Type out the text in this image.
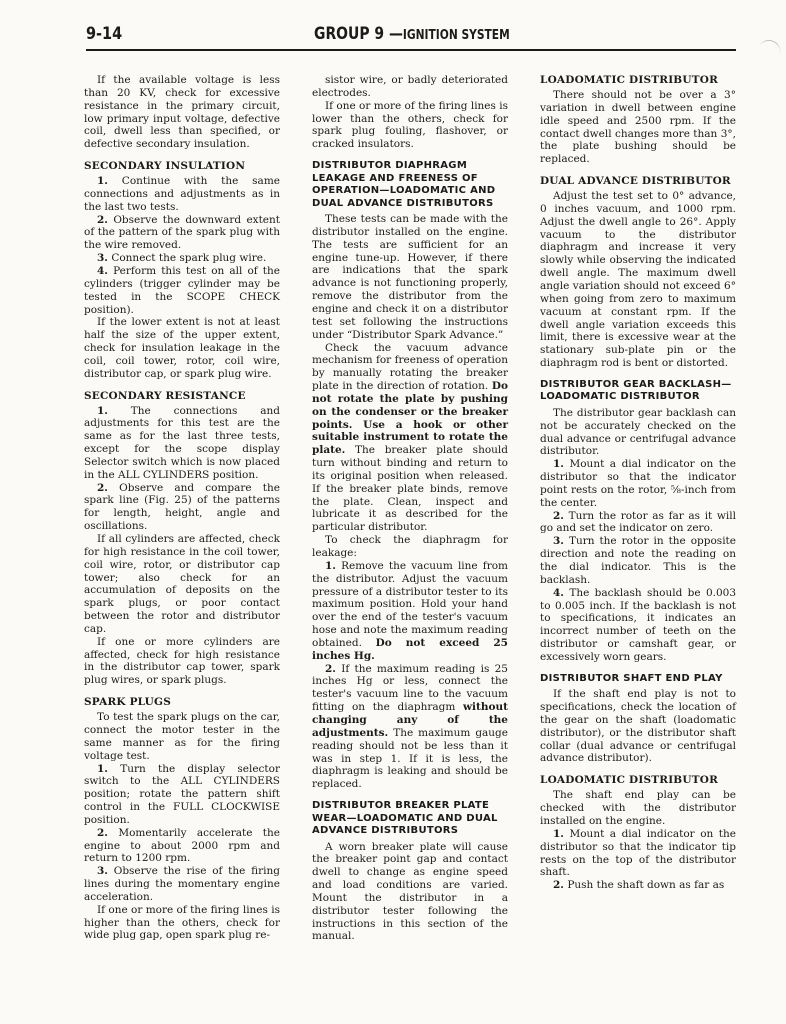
9-14	GROUP 9 —IGNITION SYSTEM

If the available voltage is less than 20 KV, check for excessive resistance in the primary circuit, low primary input voltage, defective coil, dwell less than specified, or defective secondary insulation.

SECONDARY INSULATION

1. Continue with the same connections and adjustments as in the last two tests.

2. Observe the downward extent of the pattern of the spark plug with the wire removed.

3. Connect the spark plug wire.

4. Perform this test on all of the cylinders (trigger cylinder may be tested in the SCOPE CHECK position).

If the lower extent is not at least half the size of the upper extent, check for insulation leakage in the coil, coil tower, rotor, coil wire, distributor cap, or spark plug wire.

SECONDARY RESISTANCE

1. The connections and adjustments for this test are the same as for the last three tests, except for the scope display Selector switch which is now placed in the ALL CYLINDERS position.

2. Observe and compare the spark line (Fig. 25) of the patterns for length, height, angle and oscillations.

If all cylinders are affected, check for high resistance in the coil tower, coil wire, rotor, or distributor cap tower; also check for an accumulation of deposits on the spark plugs, or poor contact between the rotor and distributor cap.

If one or more cylinders are affected, check for high resistance in the distributor cap tower, spark plug wires, or spark plugs.

SPARK PLUGS

To test the spark plugs on the car, connect the motor tester in the same manner as for the firing voltage test.

1. Turn the display selector switch to the ALL CYLINDERS position; rotate the pattern shift control in the FULL CLOCKWISE position.

2. Momentarily accelerate the engine to about 2000 rpm and return to 1200 rpm.

3. Observe the rise of the firing lines during the momentary engine acceleration.

If one or more of the firing lines is higher than the others, check for wide plug gap, open spark plug re-

sistor wire, or badly deteriorated electrodes.

If one or more of the firing lines is lower than the others, check for spark plug fouling, flashover, or cracked insulators.

DISTRIBUTOR DIAPHRAGM LEAKAGE AND FREENESS OF OPERATION—LOADOMATIC AND DUAL ADVANCE DISTRIBUTORS

These tests can be made with the distributor installed on the engine. The tests are sufficient for an engine tune-up. However, if there are indications that the spark advance is not functioning properly, remove the distributor from the engine and check it on a distributor test set following the instructions under “Distributor Spark Advance.”

Check the vacuum advance mechanism for freeness of operation by manually rotating the breaker plate in the direction of rotation. Do not rotate the plate by pushing on the condenser or the breaker points. Use a hook or other suitable instrument to rotate the plate. The breaker plate should turn without binding and return to its original position when released. If the breaker plate binds, remove the plate. Clean, inspect and lubricate it as described for the particular distributor.

To check the diaphragm for leakage:

1. Remove the vacuum line from the distributor. Adjust the vacuum pressure of a distributor tester to its maximum position. Hold your hand over the end of the tester's vacuum hose and note the maximum reading obtained. Do not exceed 25 inches Hg.

2. If the maximum reading is 25 inches Hg or less, connect the tester's vacuum line to the vacuum fitting on the diaphragm without changing any of the adjustments. The maximum gauge reading should not be less than it was in step 1. If it is less, the diaphragm is leaking and should be replaced.

DISTRIBUTOR BREAKER PLATE WEAR—LOADOMATIC AND DUAL ADVANCE DISTRIBUTORS

A worn breaker plate will cause the breaker point gap and contact dwell to change as engine speed and load conditions are varied. Mount the distributor in a distributor tester following the instructions in this section of the manual.

LOADOMATIC DISTRIBUTOR

There should not be over a 3° variation in dwell between engine idle speed and 2500 rpm. If the contact dwell changes more than 3°, the plate bushing should be replaced.

DUAL ADVANCE DISTRIBUTOR

Adjust the test set to 0° advance, 0 inches vacuum, and 1000 rpm. Adjust the dwell angle to 26°. Apply vacuum to the distributor diaphragm and increase it very slowly while observing the indicated dwell angle. The maximum dwell angle variation should not exceed 6° when going from zero to maximum vacuum at constant rpm. If the dwell angle variation exceeds this limit, there is excessive wear at the stationary sub-plate pin or the diaphragm rod is bent or distorted.

DISTRIBUTOR GEAR BACKLASH—LOADOMATIC DISTRIBUTOR

The distributor gear backlash can not be accurately checked on the dual advance or centrifugal advance distributor.

1. Mount a dial indicator on the distributor so that the indicator point rests on the rotor, ⅝-inch from the center.

2. Turn the rotor as far as it will go and set the indicator on zero.

3. Turn the rotor in the opposite direction and note the reading on the dial indicator. This is the backlash.

4. The backlash should be 0.003 to 0.005 inch. If the backlash is not to specifications, it indicates an incorrect number of teeth on the distributor or camshaft gear, or excessively worn gears.

DISTRIBUTOR SHAFT END PLAY

If the shaft end play is not to specifications, check the location of the gear on the shaft (loadomatic distributor), or the distributor shaft collar (dual advance or centrifugal advance distributor).

LOADOMATIC DISTRIBUTOR

The shaft end play can be checked with the distributor installed on the engine.

1. Mount a dial indicator on the distributor so that the indicator tip rests on the top of the distributor shaft.

2. Push the shaft down as far as
